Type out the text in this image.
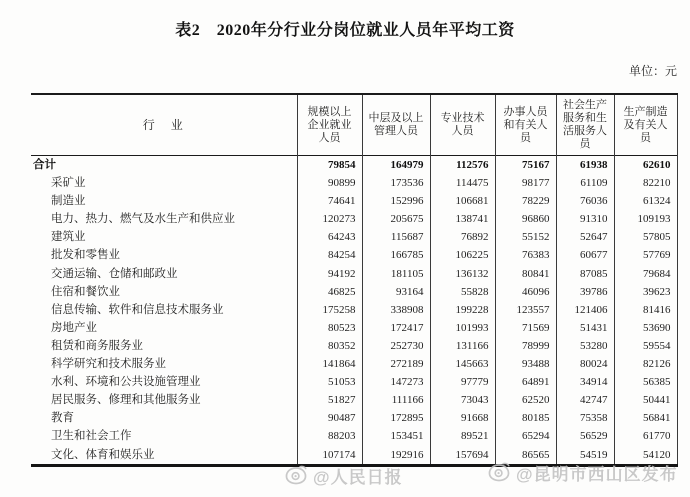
表2　2020年分行业分岗位就业人员年平均工资
单位：元
行　业	规模以上企业就业人员	中层及以上管理人员	专业技术人员	办事人员和有关人员	社会生产服务和生活服务人员	生产制造及有关人员
合计	79854	164979	112576	75167	61938	62610
采矿业	90899	173536	114475	98177	61109	82210
制造业	74641	152996	106681	78229	76036	61324
电力、热力、燃气及水生产和供应业	120273	205675	138741	96860	91310	109193
建筑业	64243	115687	76892	55152	52647	57805
批发和零售业	84254	166785	106225	76383	60677	57769
交通运输、仓储和邮政业	94192	181105	136132	80841	87085	79684
住宿和餐饮业	46825	93164	55828	46096	39786	39623
信息传输、软件和信息技术服务业	175258	338908	199228	123557	121406	81416
房地产业	80523	172417	101993	71569	51431	53690
租赁和商务服务业	80352	252730	131166	78999	53280	59554
科学研究和技术服务业	141864	272189	145663	93488	80024	82126
水利、环境和公共设施管理业	51053	147273	97779	64891	34914	56385
居民服务、修理和其他服务业	51827	111166	73043	62520	42747	50441
教育	90487	172895	91668	80185	75358	56841
卫生和社会工作	88203	153451	89521	65294	56529	61770
文化、体育和娱乐业	107174	192916	157694	86565	54519	54120
@人民日报	@昆明市西山区发布
